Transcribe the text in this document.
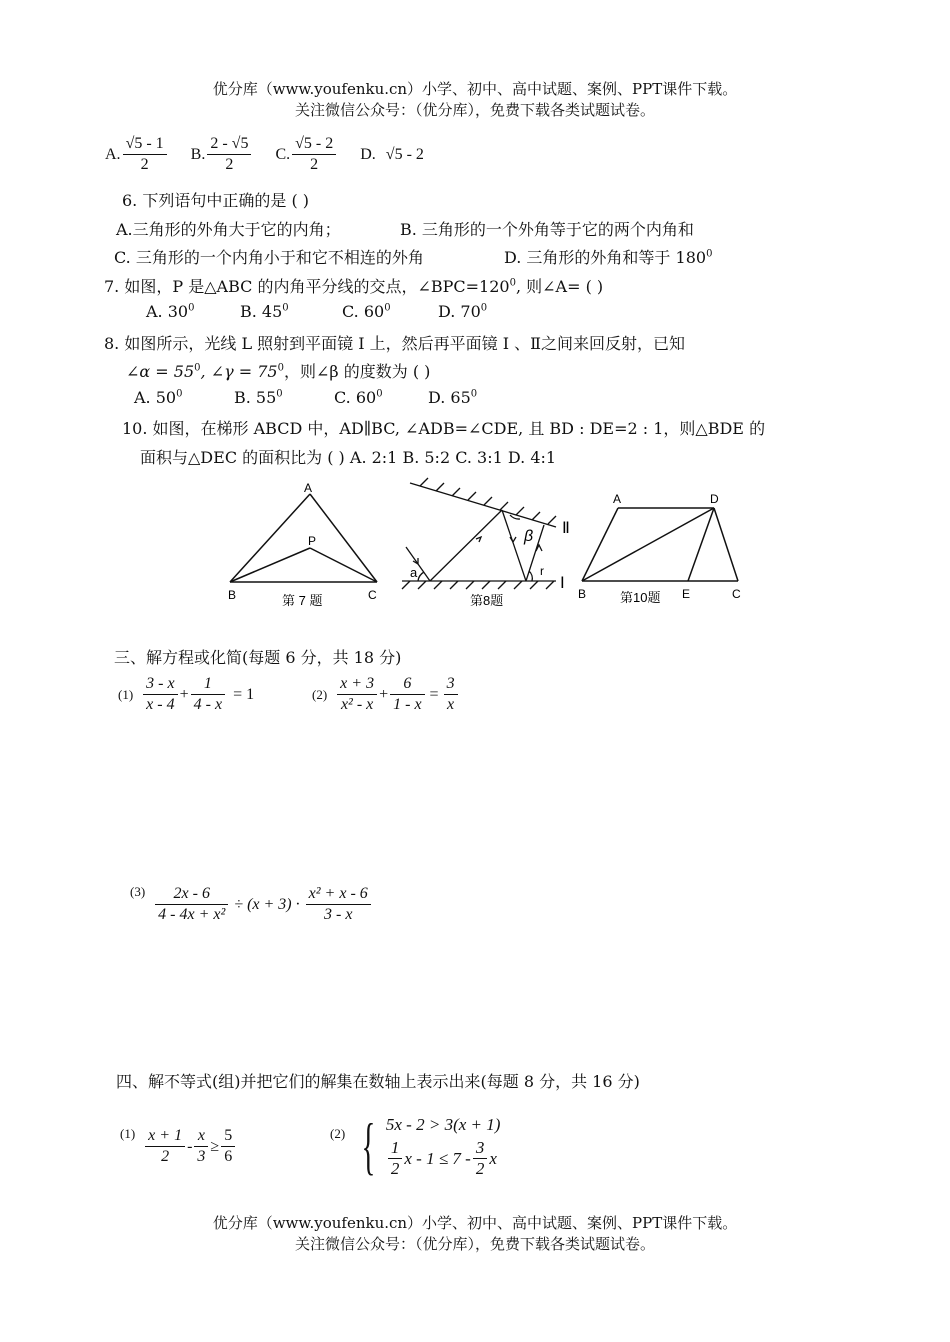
优分库（www.youfenku.cn）小学、初中、高中试题、案例、PPT课件下载。
关注微信公众号：（优分库），免费下载各类试题试卷。
A. $\frac{√5 - 1}{2} B$. $\frac{2 - √5}{2} C$. $\frac{√5 - 2}{2} D$. √5 - 2
6. 下列语句中正确的是 ( )
A.三角形的外角大于它的内角；	B. 三角形的一个外角等于它的两个内角和
C. 三角形的一个内角小于和它不相连的外角	D. 三角形的外角和等于 $180^0$
7. 如图，P 是△ABC 的内角平分线的交点，$\angle BPC=120^0$, 则∠A= ( )
A. $30^0$	B. $45^0$	C. $60^0$	D. $70^0$
8. 如图所示，光线 L 照射到平面镜 Ⅰ 上，然后再平面镜 Ⅰ 、Ⅱ之间来回反射，已知
∠α = $55^0$, ∠γ = $75^0$，则∠β 的度数为 ( )
A. $50^0$	B. $55^0$	C. $60^0$	D. $65^0$
10. 如图，在梯形 ABCD 中，AD∥BC, ∠ADB=∠CDE, 且 BD : DE=2 : 1，则△BDE 的
面积与△DEC 的面积比为 ( ) A. 2:1 B. 5:2 C. 3:1 D. 4:1
A
P
B	C
第 7 题
a
β
r
Ⅱ
Ⅰ
第8题
A	D
B	E	C
第10题
三、解方程或化简(每题 6 分，共 18 分)
$(1) \frac{3 - x}{x - 4} + \frac{1}{4 - x} = 1$	$(2) \frac{x + 3}{\text{x² - x}} + \frac{6}{1 - x} = \frac{3}{x}$
$(3) \frac{2x - 6}{\text{4 - 4x + x²}} \div (x + 3) \cdot \frac{\text{x² + x - 6}}{3 - x}$
四、解不等式(组)并把它们的解集在数轴上表示出来(每题 8 分，共 16 分)
$(1) \frac{x + 1}{2} - \frac{x}{3} \ge \frac{5}{6}$	(2) { 5x - 2 > 3(x + 1)
$\frac{1}{2}$ $x - 1 \le 7 - \frac{3}{2}$ x
优分库（www.youfenku.cn）小学、初中、高中试题、案例、PPT课件下载。
关注微信公众号：（优分库），免费下载各类试题试卷。
